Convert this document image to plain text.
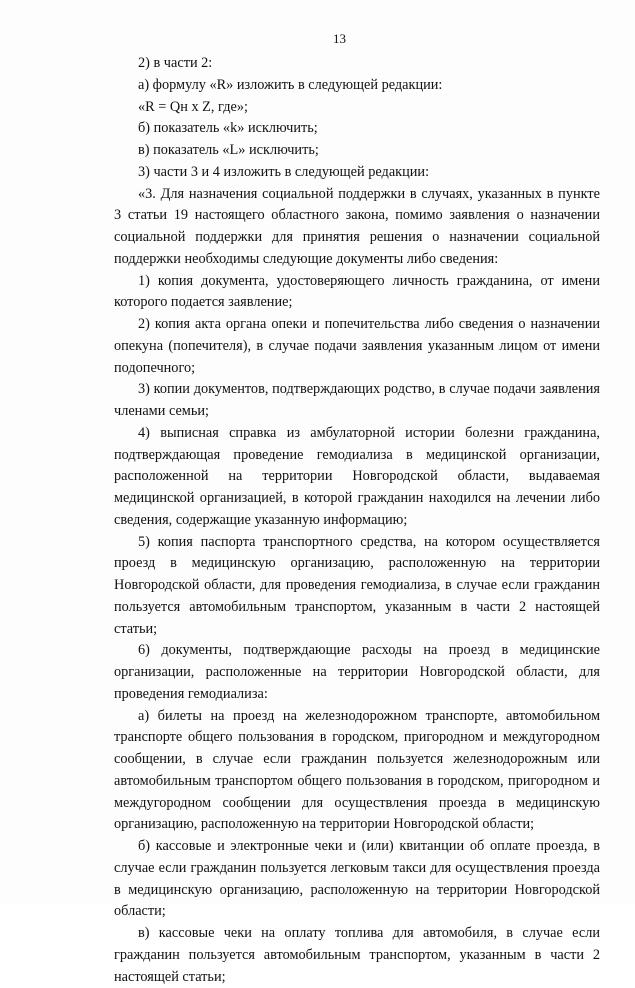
13

2) в части 2:

а) формулу «R» изложить в следующей редакции:

«R = Qн x Z, где»;

б) показатель «k» исключить;

в) показатель «L» исключить;

3) части 3 и 4 изложить в следующей редакции:

«3. Для назначения социальной поддержки в случаях, указанных в пункте 3 статьи 19 настоящего областного закона, помимо заявления о назначении социальной поддержки для принятия решения о назначении социальной поддержки необходимы следующие документы либо сведения:

1) копия документа, удостоверяющего личность гражданина, от имени которого подается заявление;

2) копия акта органа опеки и попечительства либо сведения о назначении опекуна (попечителя), в случае подачи заявления указанным лицом от имени подопечного;

3) копии документов, подтверждающих родство, в случае подачи заявления членами семьи;

4) выписная справка из амбулаторной истории болезни гражданина, подтверждающая проведение гемодиализа в медицинской организации, расположенной на территории Новгородской области, выдаваемая медицинской организацией, в которой гражданин находился на лечении либо сведения, содержащие указанную информацию;

5) копия паспорта транспортного средства, на котором осуществляется проезд в медицинскую организацию, расположенную на территории Новгородской области, для проведения гемодиализа, в случае если гражданин пользуется автомобильным транспортом, указанным в части 2 настоящей статьи;

6) документы, подтверждающие расходы на проезд в медицинские организации, расположенные на территории Новгородской области, для проведения гемодиализа:

а) билеты на проезд на железнодорожном транспорте, автомобильном транспорте общего пользования в городском, пригородном и междугородном сообщении, в случае если гражданин пользуется железнодорожным или автомобильным транспортом общего пользования в городском, пригородном и междугородном сообщении для осуществления проезда в медицинскую организацию, расположенную на территории Новгородской области;

б) кассовые и электронные чеки и (или) квитанции об оплате проезда, в случае если гражданин пользуется легковым такси для осуществления проезда в медицинскую организацию, расположенную на территории Новгородской области;

в) кассовые чеки на оплату топлива для автомобиля, в случае если гражданин пользуется автомобильным транспортом, указанным в части 2 настоящей статьи;
